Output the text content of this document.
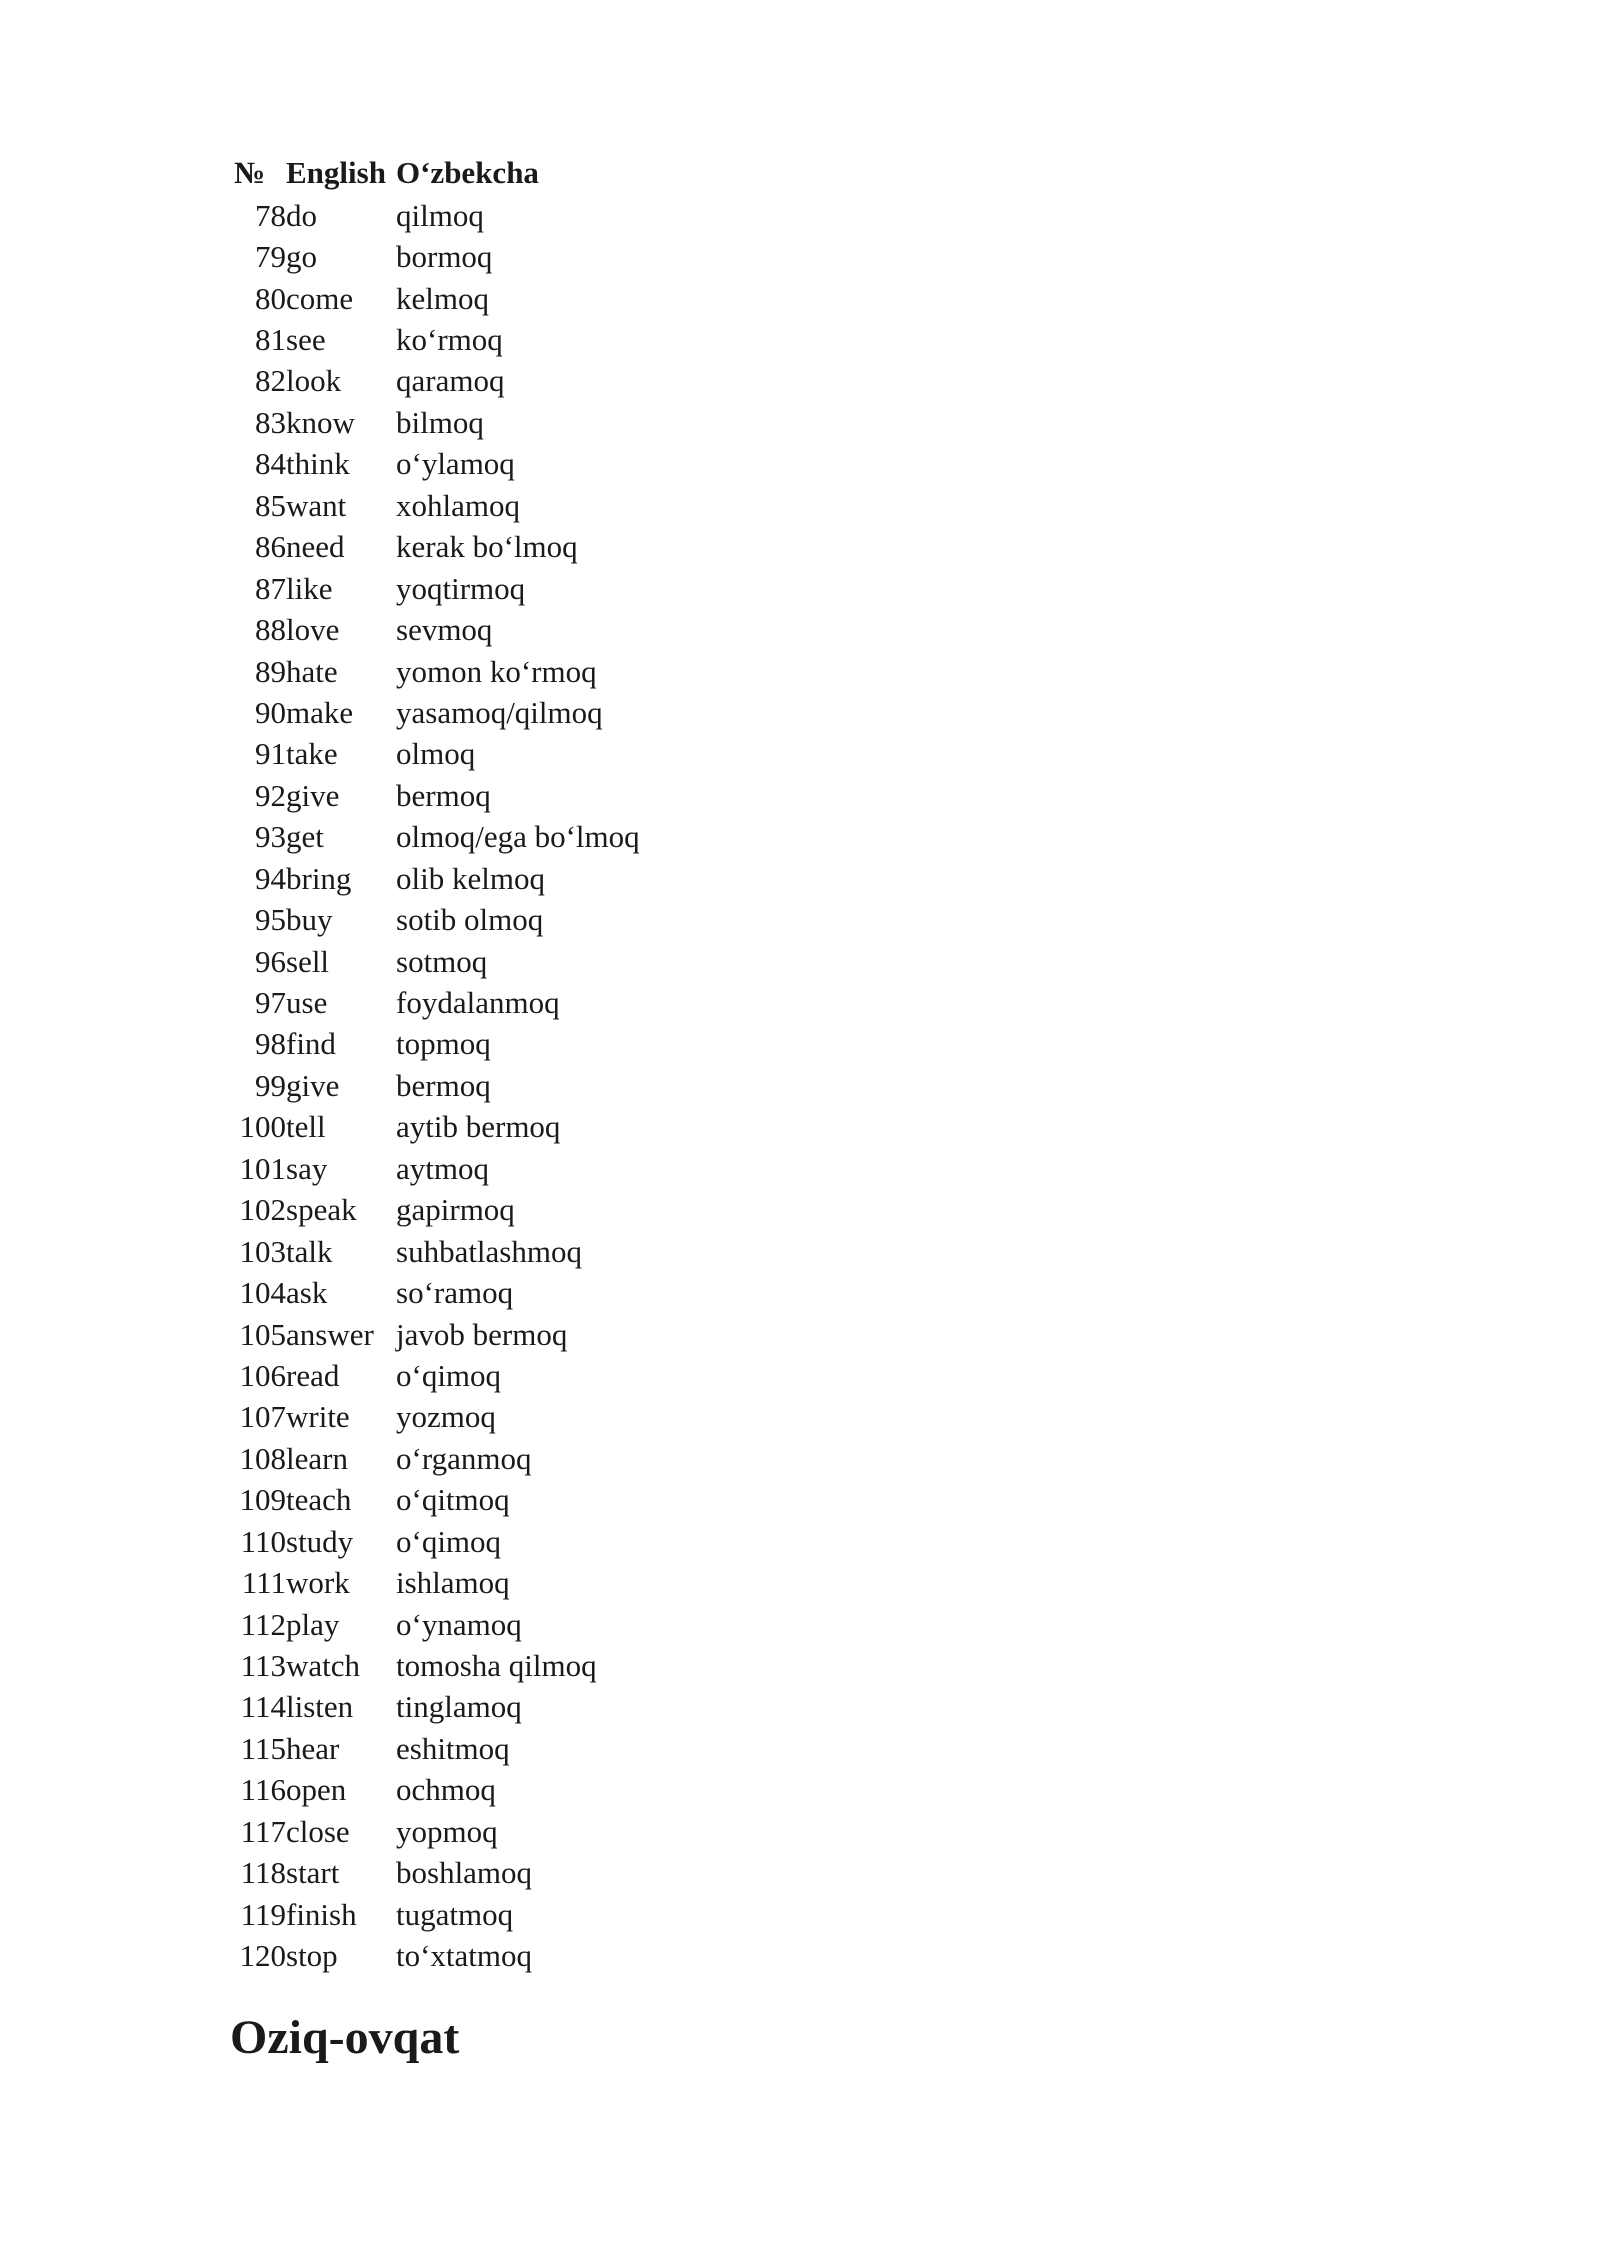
№	English	O‘zbekcha
78	do	qilmoq
79	go	bormoq
80	come	kelmoq
81	see	ko‘rmoq
82	look	qaramoq
83	know	bilmoq
84	think	o‘ylamoq
85	want	xohlamoq
86	need	kerak bo‘lmoq
87	like	yoqtirmoq
88	love	sevmoq
89	hate	yomon ko‘rmoq
90	make	yasamoq/qilmoq
91	take	olmoq
92	give	bermoq
93	get	olmoq/ega bo‘lmoq
94	bring	olib kelmoq
95	buy	sotib olmoq
96	sell	sotmoq
97	use	foydalanmoq
98	find	topmoq
99	give	bermoq
100	tell	aytib bermoq
101	say	aytmoq
102	speak	gapirmoq
103	talk	suhbatlashmoq
104	ask	so‘ramoq
105	answer	javob bermoq
106	read	o‘qimoq
107	write	yozmoq
108	learn	o‘rganmoq
109	teach	o‘qitmoq
110	study	o‘qimoq
111	work	ishlamoq
112	play	o‘ynamoq
113	watch	tomosha qilmoq
114	listen	tinglamoq
115	hear	eshitmoq
116	open	ochmoq
117	close	yopmoq
118	start	boshlamoq
119	finish	tugatmoq
120	stop	to‘xtatmoq
Oziq-ovqat
